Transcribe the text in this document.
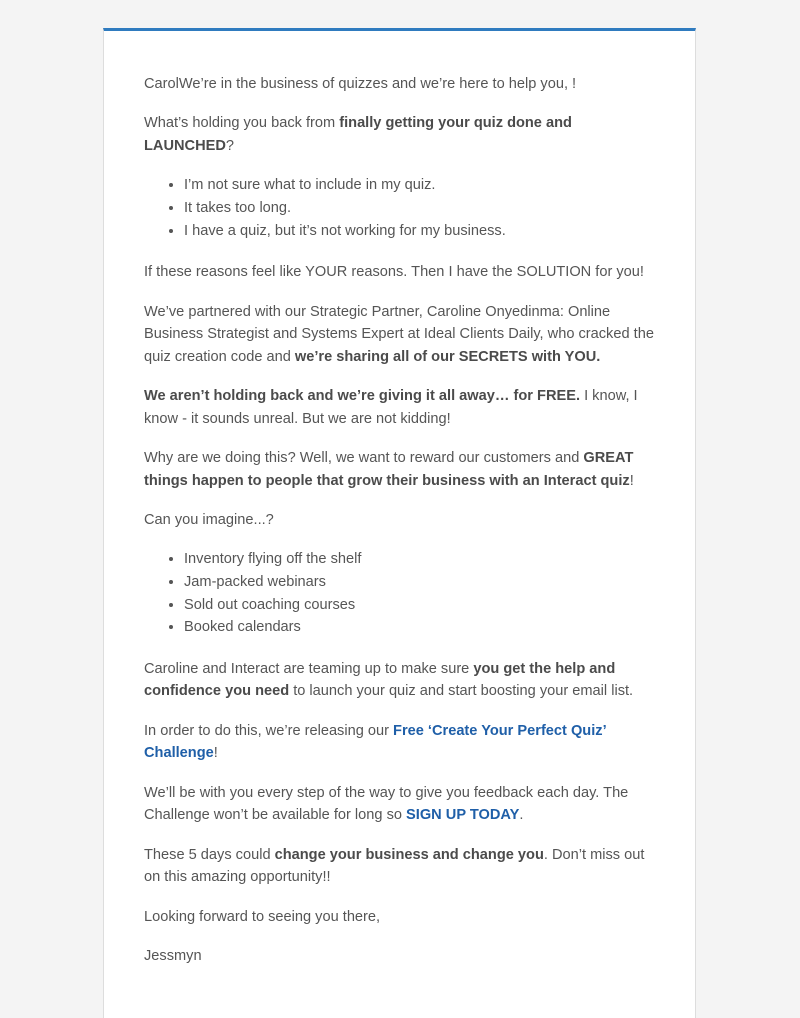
CarolWe’re in the business of quizzes and we’re here to help you, !

What’s holding you back from finally getting your quiz done and LAUNCHED?

• I’m not sure what to include in my quiz.
• It takes too long.
• I have a quiz, but it’s not working for my business.

If these reasons feel like YOUR reasons. Then I have the SOLUTION for you!

We’ve partnered with our Strategic Partner, Caroline Onyedinma: Online Business Strategist and Systems Expert at Ideal Clients Daily, who cracked the quiz creation code and we’re sharing all of our SECRETS with YOU.

We aren’t holding back and we’re giving it all away… for FREE. I know, I know - it sounds unreal. But we are not kidding!

Why are we doing this? Well, we want to reward our customers and GREAT things happen to people that grow their business with an Interact quiz!

Can you imagine...?

• Inventory flying off the shelf
• Jam-packed webinars
• Sold out coaching courses
• Booked calendars

Caroline and Interact are teaming up to make sure you get the help and confidence you need to launch your quiz and start boosting your email list.

In order to do this, we’re releasing our Free ‘Create Your Perfect Quiz’ Challenge!

We’ll be with you every step of the way to give you feedback each day. The Challenge won’t be available for long so SIGN UP TODAY.

These 5 days could change your business and change you. Don’t miss out on this amazing opportunity!!

Looking forward to seeing you there,

Jessmyn
